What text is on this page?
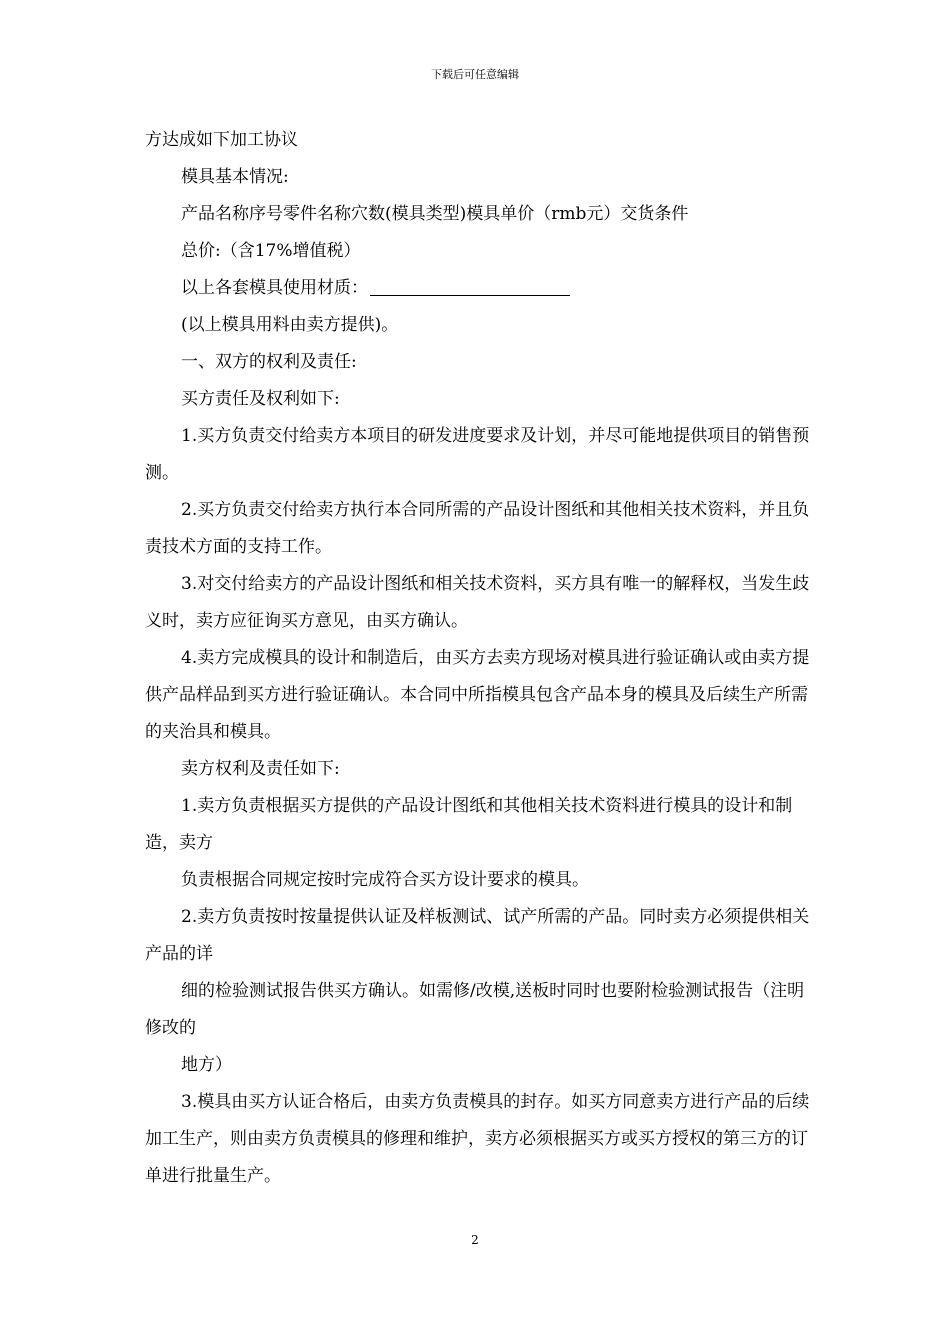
下载后可任意编辑

方达成如下加工协议

模具基本情况:

产品名称序号零件名称穴数(模具类型)模具单价（rmb元）交货条件

总价:（含17%增值税）

以上各套模具使用材质：

(以上模具用料由卖方提供)。

一、双方的权利及责任:

买方责任及权利如下:

1.买方负责交付给卖方本项目的研发进度要求及计划，并尽可能地提供项目的销售预测。

2.买方负责交付给卖方执行本合同所需的产品设计图纸和其他相关技术资料，并且负责技术方面的支持工作。

3.对交付给卖方的产品设计图纸和相关技术资料，买方具有唯一的解释权，当发生歧义时，卖方应征询买方意见，由买方确认。

4.卖方完成模具的设计和制造后，由买方去卖方现场对模具进行验证确认或由卖方提供产品样品到买方进行验证确认。本合同中所指模具包含产品本身的模具及后续生产所需的夹治具和模具。

卖方权利及责任如下:

1.卖方负责根据买方提供的产品设计图纸和其他相关技术资料进行模具的设计和制造，卖方

负责根据合同规定按时完成符合买方设计要求的模具。

2.卖方负责按时按量提供认证及样板测试、试产所需的产品。同时卖方必须提供相关产品的详

细的检验测试报告供买方确认。如需修/改模,送板时同时也要附检验测试报告（注明修改的

地方）

3.模具由买方认证合格后，由卖方负责模具的封存。如买方同意卖方进行产品的后续加工生产，则由卖方负责模具的修理和维护，卖方必须根据买方或买方授权的第三方的订单进行批量生产。

2
